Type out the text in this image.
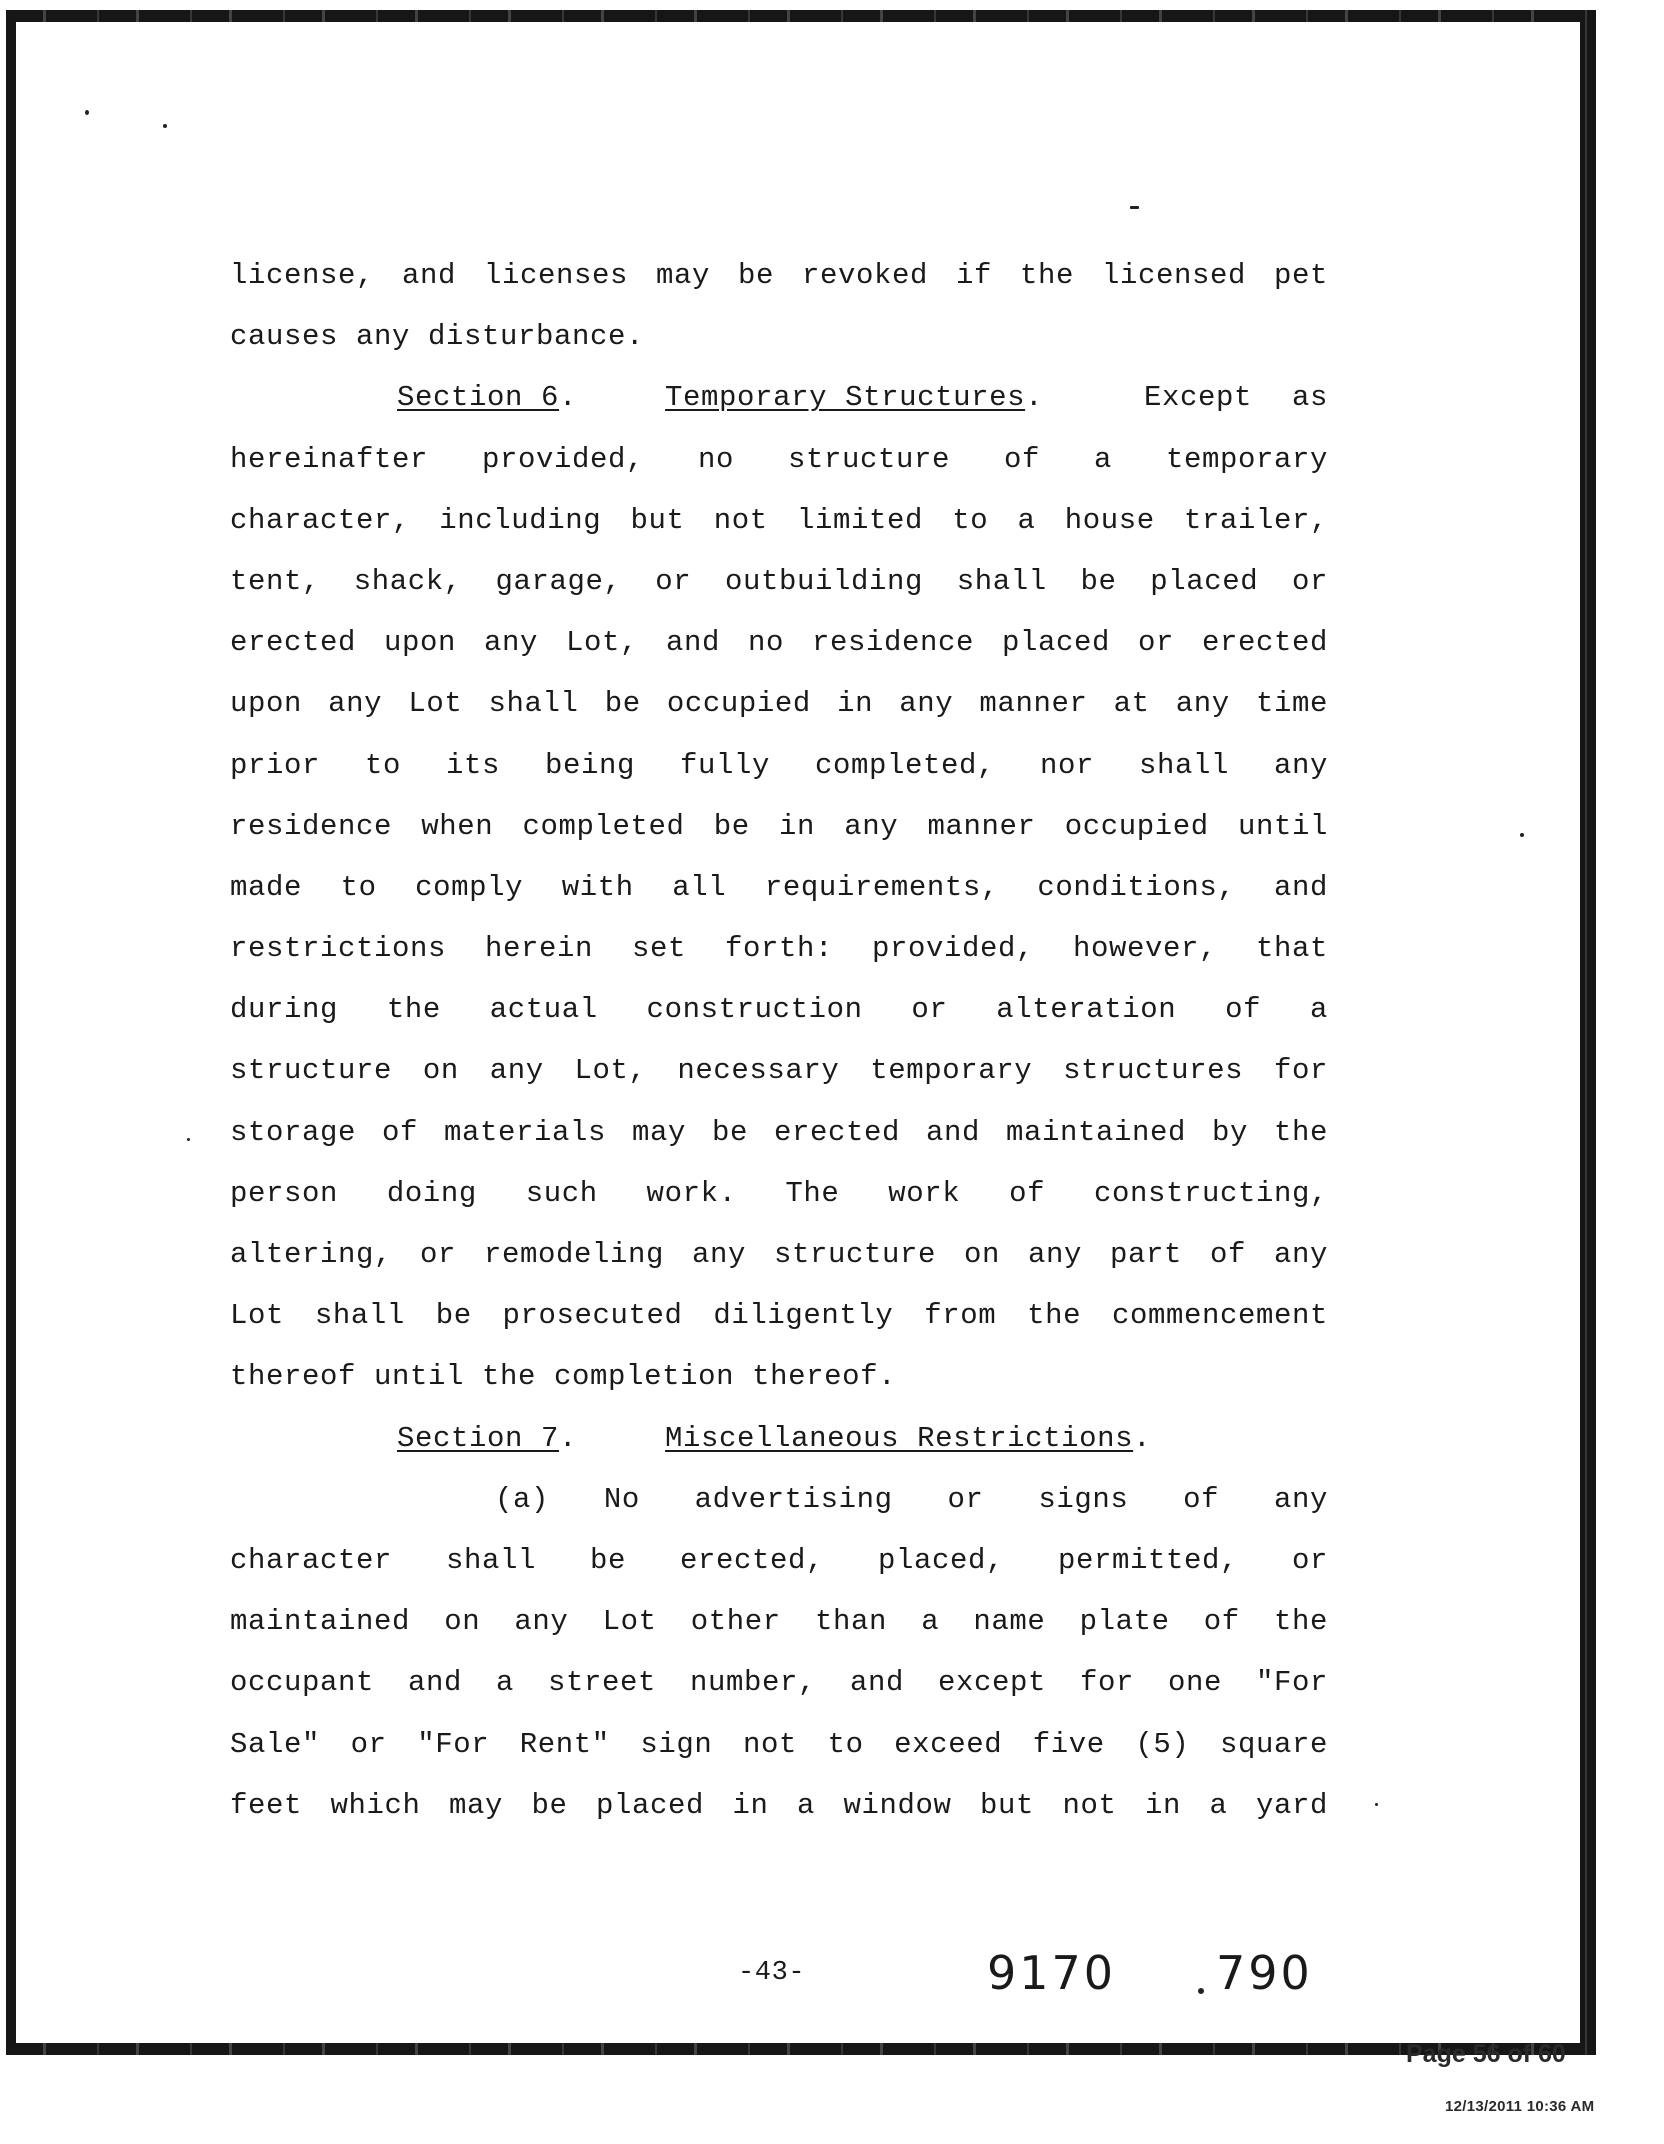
license, and licenses may be revoked if the licensed pet
causes any disturbance.
Section 6.	Temporary Structures.	Except as
hereinafter provided, no structure of a temporary
character, including but not limited to a house trailer,
tent, shack, garage, or outbuilding shall be placed or
erected upon any Lot, and no residence placed or erected
upon any Lot shall be occupied in any manner at any time
prior to its being fully completed, nor shall any
residence when completed be in any manner occupied until
made to comply with all requirements, conditions, and
restrictions herein set forth: provided, however, that
during the actual construction or alteration of a
structure on any Lot, necessary temporary structures for
storage of materials may be erected and maintained by the
person doing such work. The work of constructing,
altering, or remodeling any structure on any part of any
Lot shall be prosecuted diligently from the commencement
thereof until the completion thereof.
Section 7.	Miscellaneous Restrictions.
(a) No advertising or signs of any
character shall be erected, placed, permitted, or
maintained on any Lot other than a name plate of the
occupant and a street number, and except for one "For
Sale" or "For Rent" sign not to exceed five (5) square
feet which may be placed in a window but not in a yard
-43-	9170 790
Page 56 of 60
12/13/2011 10:36 AM
